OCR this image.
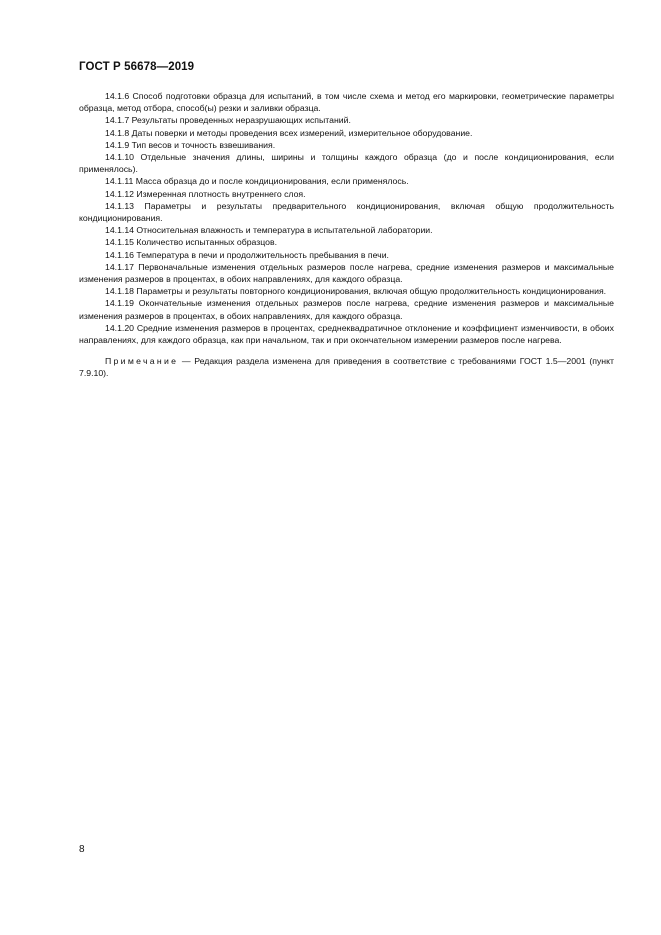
ГОСТ Р 56678—2019

14.1.6 Способ подготовки образца для испытаний, в том числе схема и метод его маркировки, геометрические параметры образца, метод отбора, способ(ы) резки и заливки образца.

14.1.7 Результаты проведенных неразрушающих испытаний.

14.1.8 Даты поверки и методы проведения всех измерений, измерительное оборудование.

14.1.9 Тип весов и точность взвешивания.

14.1.10 Отдельные значения длины, ширины и толщины каждого образца (до и после кондиционирования, если применялось).

14.1.11 Масса образца до и после кондиционирования, если применялось.

14.1.12 Измеренная плотность внутреннего слоя.

14.1.13 Параметры и результаты предварительного кондиционирования, включая общую продолжительность кондиционирования.

14.1.14 Относительная влажность и температура в испытательной лаборатории.

14.1.15 Количество испытанных образцов.

14.1.16 Температура в печи и продолжительность пребывания в печи.

14.1.17 Первоначальные изменения отдельных размеров после нагрева, средние изменения размеров и максимальные изменения размеров в процентах, в обоих направлениях, для каждого образца.

14.1.18 Параметры и результаты повторного кондиционирования, включая общую продолжительность кондиционирования.

14.1.19 Окончательные изменения отдельных размеров после нагрева, средние изменения размеров и максимальные изменения размеров в процентах, в обоих направлениях, для каждого образца.

14.1.20 Средние изменения размеров в процентах, среднеквадратичное отклонение и коэффициент изменчивости, в обоих направлениях, для каждого образца, как при начальном, так и при окончательном измерении размеров после нагрева.

Примечание — Редакция раздела изменена для приведения в соответствие с требованиями ГОСТ 1.5—2001 (пункт 7.9.10).

8
